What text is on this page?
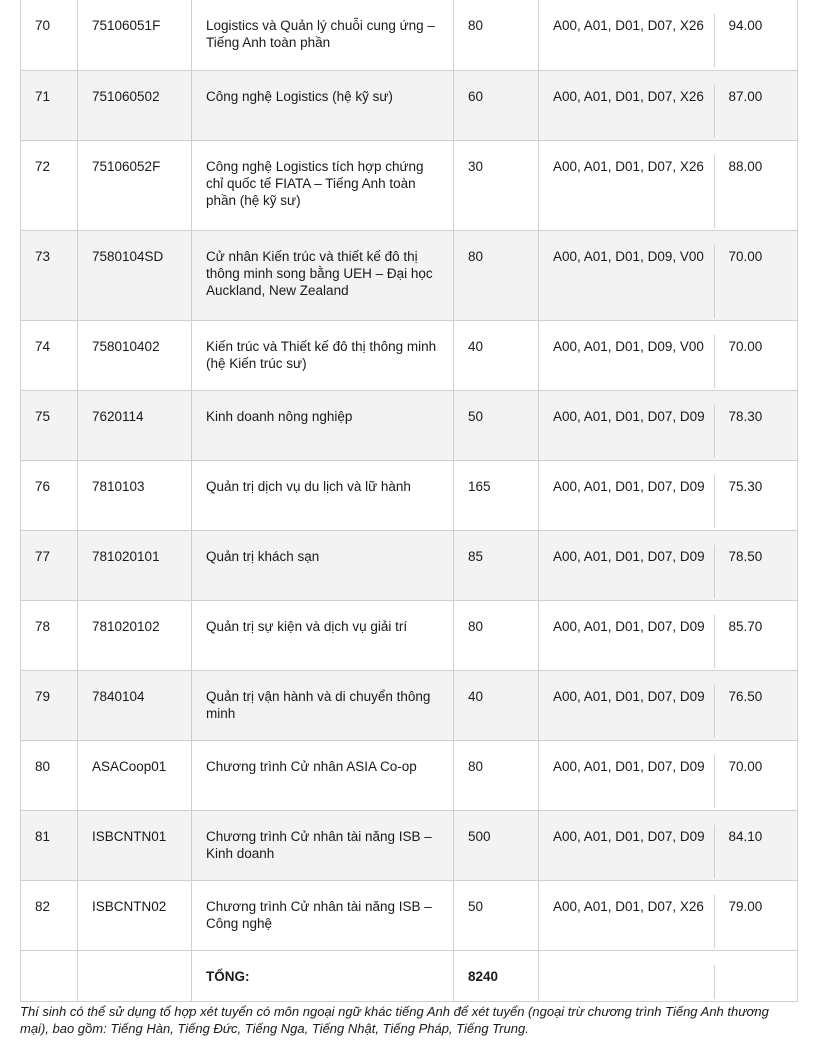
70	75106051F	Logistics và Quản lý chuỗi cung ứng – Tiếng Anh toàn phần	80	A00, A01, D01, D07, X26	94.00

71	751060502	Công nghệ Logistics (hệ kỹ sư)	60	A00, A01, D01, D07, X26	87.00

72	75106052F	Công nghệ Logistics tích hợp chứng chỉ quốc tế FIATA – Tiếng Anh toàn phần (hệ kỹ sư)	30	A00, A01, D01, D07, X26	88.00

73	7580104SD	Cử nhân Kiến trúc và thiết kế đô thị thông minh song bằng UEH – Đại học Auckland, New Zealand	80	A00, A01, D01, D09, V00	70.00

74	758010402	Kiến trúc và Thiết kế đô thị thông minh (hệ Kiến trúc sư)	40	A00, A01, D01, D09, V00	70.00

75	7620114	Kinh doanh nông nghiệp	50	A00, A01, D01, D07, D09	78.30

76	7810103	Quản trị dịch vụ du lịch và lữ hành	165	A00, A01, D01, D07, D09	75.30

77	781020101	Quản trị khách sạn	85	A00, A01, D01, D07, D09	78.50

78	781020102	Quản trị sự kiện và dịch vụ giải trí	80	A00, A01, D01, D07, D09	85.70

79	7840104	Quản trị vận hành và di chuyển thông minh	40	A00, A01, D01, D07, D09	76.50

80	ASACoop01	Chương trình Cử nhân ASIA Co-op	80	A00, A01, D01, D07, D09	70.00

81	ISBCNTN01	Chương trình Cử nhân tài năng ISB – Kinh doanh	500	A00, A01, D01, D07, D09	84.10

82	ISBCNTN02	Chương trình Cử nhân tài năng ISB – Công nghệ	50	A00, A01, D01, D07, X26	79.00

		TỔNG:	8240		

Thí sinh có thể sử dụng tổ hợp xét tuyển có môn ngoại ngữ khác tiếng Anh để xét tuyển (ngoại trừ chương trình Tiếng Anh thương mại), bao gồm: Tiếng Hàn, Tiếng Đức, Tiếng Nga, Tiếng Nhật, Tiếng Pháp, Tiếng Trung.
